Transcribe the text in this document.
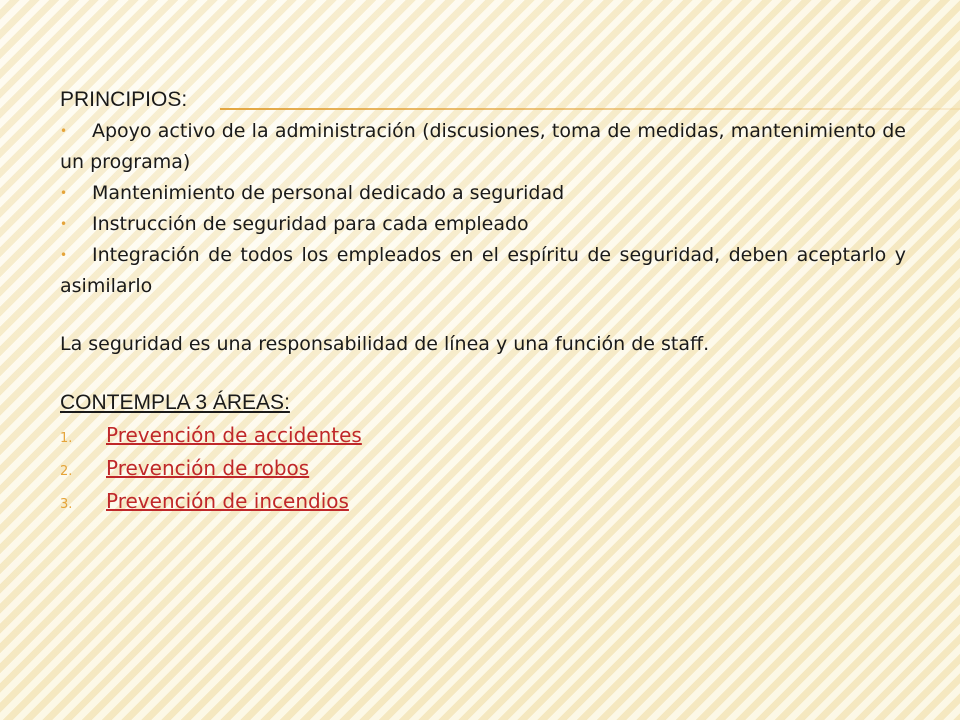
PRINCIPIOS:

• Apoyo activo de la administración (discusiones, toma de medidas, mantenimiento de un programa)
• Mantenimiento de personal dedicado a seguridad
• Instrucción de seguridad para cada empleado
• Integración de todos los empleados en el espíritu de seguridad, deben aceptarlo y asimilarlo

La seguridad es una responsabilidad de línea y una función de staff.

CONTEMPLA 3 ÁREAS:

1. Prevención de accidentes
2. Prevención de robos
3. Prevención de incendios
